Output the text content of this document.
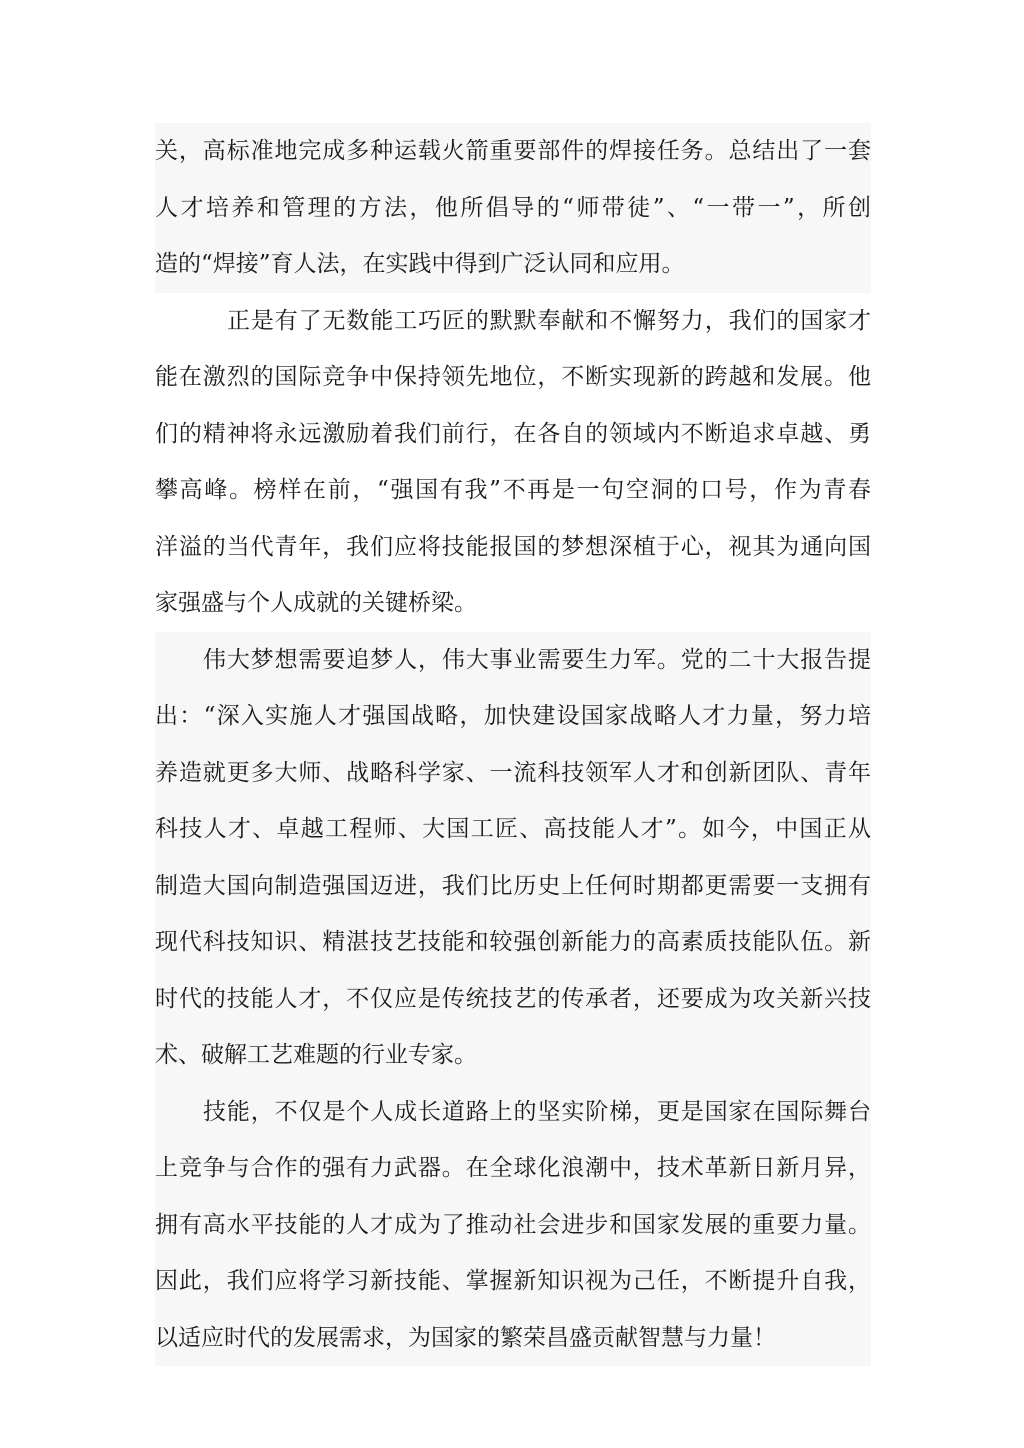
关，高标准地完成多种运载火箭重要部件的焊接任务。总结出了一套
人才培养和管理的方法，他所倡导的“师带徒”、“一带一”，所创
造的“焊接”育人法，在实践中得到广泛认同和应用。
正是有了无数能工巧匠的默默奉献和不懈努力，我们的国家才
能在激烈的国际竞争中保持领先地位，不断实现新的跨越和发展。他
们的精神将永远激励着我们前行，在各自的领域内不断追求卓越、勇
攀高峰。榜样在前，“强国有我”不再是一句空洞的口号，作为青春
洋溢的当代青年，我们应将技能报国的梦想深植于心，视其为通向国
家强盛与个人成就的关键桥梁。
伟大梦想需要追梦人，伟大事业需要生力军。党的二十大报告提
出：“深入实施人才强国战略，加快建设国家战略人才力量，努力培
养造就更多大师、战略科学家、一流科技领军人才和创新团队、青年
科技人才、卓越工程师、大国工匠、高技能人才”。如今，中国正从
制造大国向制造强国迈进，我们比历史上任何时期都更需要一支拥有
现代科技知识、精湛技艺技能和较强创新能力的高素质技能队伍。新
时代的技能人才，不仅应是传统技艺的传承者，还要成为攻关新兴技
术、破解工艺难题的行业专家。
技能，不仅是个人成长道路上的坚实阶梯，更是国家在国际舞台
上竞争与合作的强有力武器。在全球化浪潮中，技术革新日新月异，
拥有高水平技能的人才成为了推动社会进步和国家发展的重要力量。
因此，我们应将学习新技能、掌握新知识视为己任，不断提升自我，
以适应时代的发展需求，为国家的繁荣昌盛贡献智慧与力量！
